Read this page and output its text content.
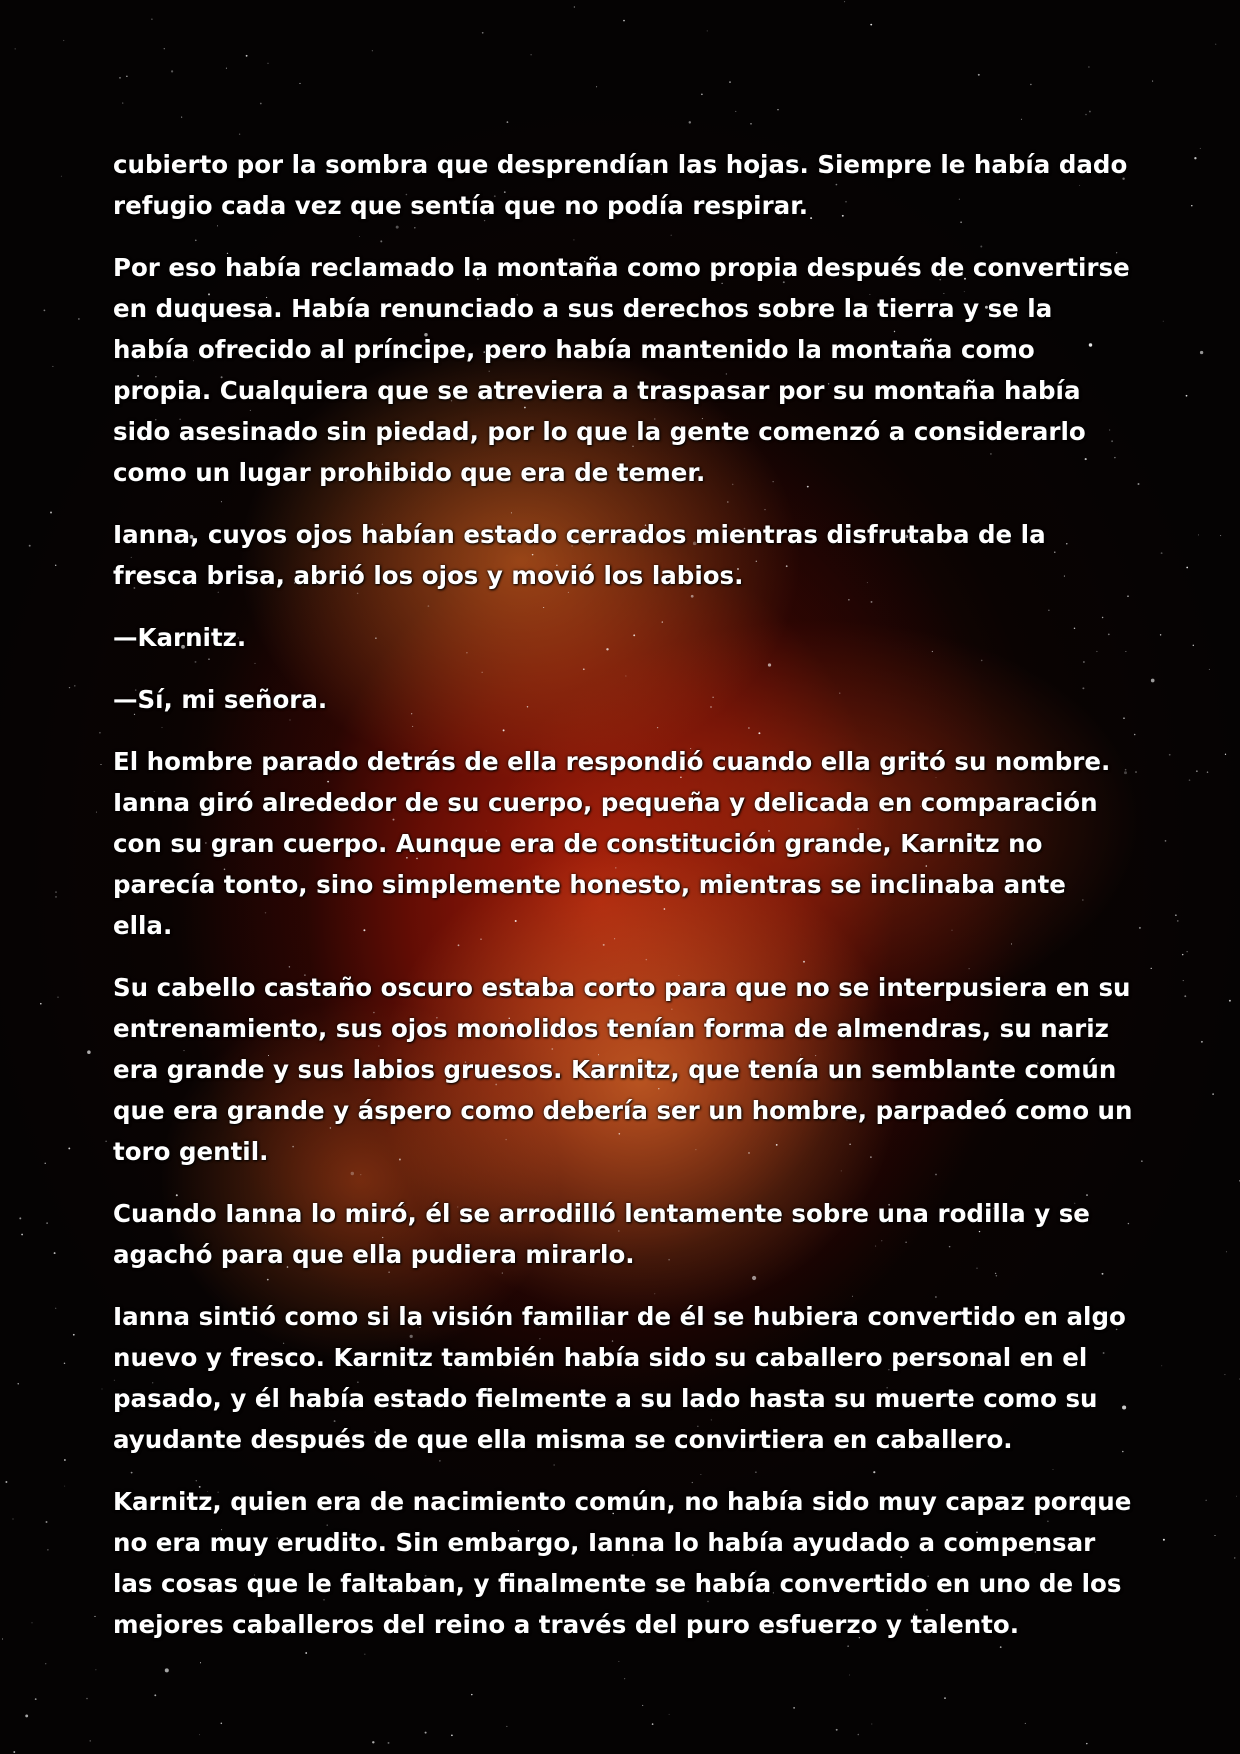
cubierto por la sombra que desprendían las hojas. Siempre le había dado refugio cada vez que sentía que no podía respirar.

Por eso había reclamado la montaña como propia después de convertirse en duquesa. Había renunciado a sus derechos sobre la tierra y se la había ofrecido al príncipe, pero había mantenido la montaña como propia. Cualquiera que se atreviera a traspasar por su montaña había sido asesinado sin piedad, por lo que la gente comenzó a considerarlo como un lugar prohibido que era de temer.

Ianna, cuyos ojos habían estado cerrados mientras disfrutaba de la fresca brisa, abrió los ojos y movió los labios.

—Karnitz.

—Sí, mi señora.

El hombre parado detrás de ella respondió cuando ella gritó su nombre. Ianna giró alrededor de su cuerpo, pequeña y delicada en comparación con su gran cuerpo. Aunque era de constitución grande, Karnitz no parecía tonto, sino simplemente honesto, mientras se inclinaba ante ella.

Su cabello castaño oscuro estaba corto para que no se interpusiera en su entrenamiento, sus ojos monolidos tenían forma de almendras, su nariz era grande y sus labios gruesos. Karnitz, que tenía un semblante común que era grande y áspero como debería ser un hombre, parpadeó como un toro gentil.

Cuando Ianna lo miró, él se arrodilló lentamente sobre una rodilla y se agachó para que ella pudiera mirarlo.

Ianna sintió como si la visión familiar de él se hubiera convertido en algo nuevo y fresco. Karnitz también había sido su caballero personal en el pasado, y él había estado fielmente a su lado hasta su muerte como su ayudante después de que ella misma se convirtiera en caballero.

Karnitz, quien era de nacimiento común, no había sido muy capaz porque no era muy erudito. Sin embargo, Ianna lo había ayudado a compensar las cosas que le faltaban, y finalmente se había convertido en uno de los mejores caballeros del reino a través del puro esfuerzo y talento.
